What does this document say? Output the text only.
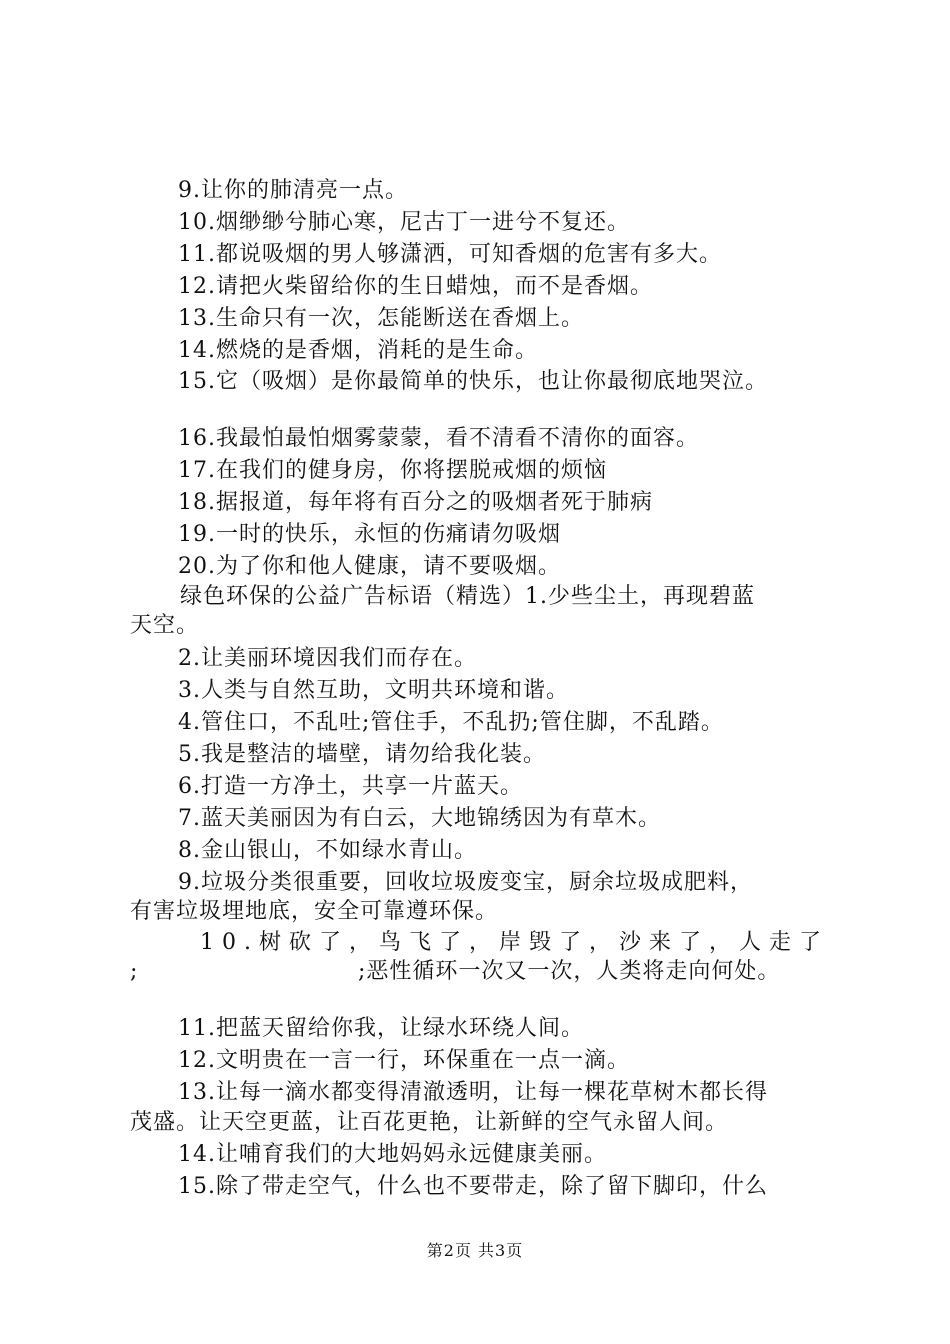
9.让你的肺清亮一点。
10.烟缈缈兮肺心寒，尼古丁一进兮不复还。
11.都说吸烟的男人够潇洒，可知香烟的危害有多大。
12.请把火柴留给你的生日蜡烛，而不是香烟。
13.生命只有一次，怎能断送在香烟上。
14.燃烧的是香烟，消耗的是生命。
15.它（吸烟）是你最简单的快乐，也让你最彻底地哭泣。
16.我最怕最怕烟雾蒙蒙，看不清看不清你的面容。
17.在我们的健身房，你将摆脱戒烟的烦恼
18.据报道，每年将有百分之的吸烟者死于肺病
19.一时的快乐，永恒的伤痛请勿吸烟
20.为了你和他人健康，请不要吸烟。
绿色环保的公益广告标语（精选）1.少些尘土，再现碧蓝
天空。
2.让美丽环境因我们而存在。
3.人类与自然互助，文明共环境和谐。
4.管住口，不乱吐;管住手，不乱扔;管住脚，不乱踏。
5.我是整洁的墙壁，请勿给我化装。
6.打造一方净土，共享一片蓝天。
7.蓝天美丽因为有白云，大地锦绣因为有草木。
8.金山银山，不如绿水青山。
9.垃圾分类很重要，回收垃圾废变宝，厨余垃圾成肥料，
有害垃圾埋地底，安全可靠遵环保。
10.树砍了，鸟飞了，岸毁了，沙来了，人走了
;	;恶性循环一次又一次，人类将走向何处。
11.把蓝天留给你我，让绿水环绕人间。
12.文明贵在一言一行，环保重在一点一滴。
13.让每一滴水都变得清澈透明，让每一棵花草树木都长得
茂盛。让天空更蓝，让百花更艳，让新鲜的空气永留人间。
14.让哺育我们的大地妈妈永远健康美丽。
15.除了带走空气，什么也不要带走，除了留下脚印，什么
第2页 共3页
